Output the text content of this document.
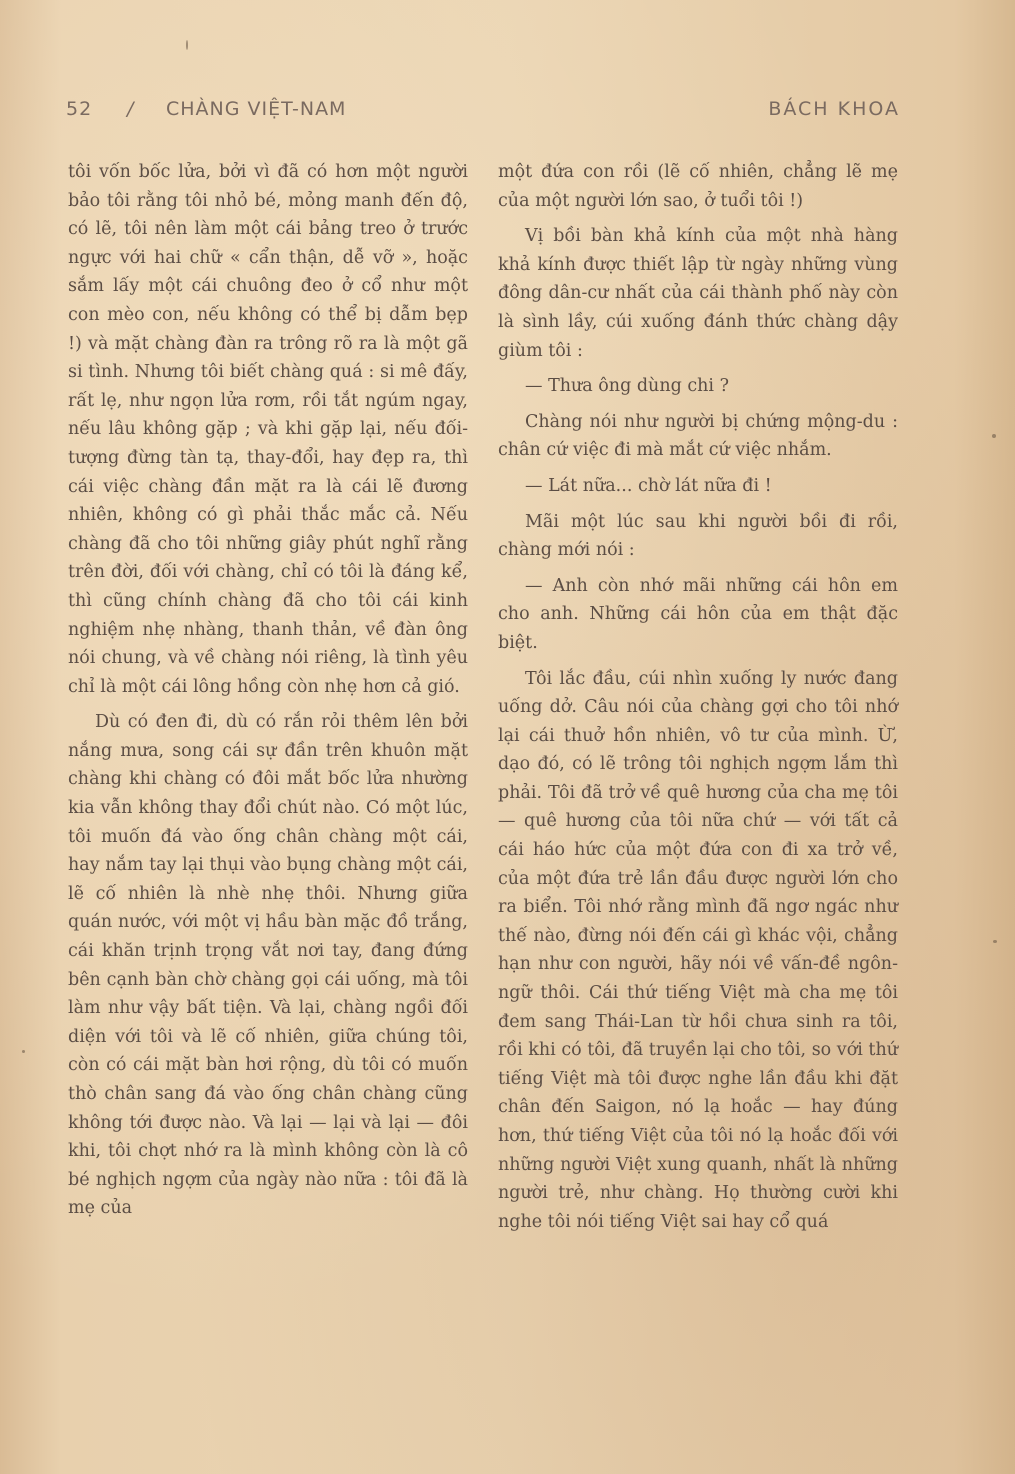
52 / CHÀNG VIỆT-NAM	BÁCH KHOA

tôi vốn bốc lửa, bởi vì đã có hơn một người bảo tôi rằng tôi nhỏ bé, mỏng manh đến độ, có lẽ, tôi nên làm một cái bảng treo ở trước ngực với hai chữ « cẩn thận, dễ vỡ », hoặc sắm lấy một cái chuông đeo ở cổ như một con mèo con, nếu không có thể bị dẫm bẹp !) và mặt chàng đàn ra trông rõ ra là một gã si tình. Nhưng tôi biết chàng quá : si mê đấy, rất lẹ, như ngọn lửa rơm, rồi tắt ngúm ngay, nếu lâu không gặp ; và khi gặp lại, nếu đối-tượng đừng tàn tạ, thay-đổi, hay đẹp ra, thì cái việc chàng đần mặt ra là cái lẽ đương nhiên, không có gì phải thắc mắc cả. Nếu chàng đã cho tôi những giây phút nghĩ rằng trên đời, đối với chàng, chỉ có tôi là đáng kể, thì cũng chính chàng đã cho tôi cái kinh nghiệm nhẹ nhàng, thanh thản, về đàn ông nói chung, và về chàng nói riêng, là tình yêu chỉ là một cái lông hồng còn nhẹ hơn cả gió.

Dù có đen đi, dù có rắn rỏi thêm lên bởi nắng mưa, song cái sự đần trên khuôn mặt chàng khi chàng có đôi mắt bốc lửa nhường kia vẫn không thay đổi chút nào. Có một lúc, tôi muốn đá vào ống chân chàng một cái, hay nắm tay lại thụi vào bụng chàng một cái, lẽ cố nhiên là nhè nhẹ thôi. Nhưng giữa quán nước, với một vị hầu bàn mặc đồ trắng, cái khăn trịnh trọng vắt nơi tay, đang đứng bên cạnh bàn chờ chàng gọi cái uống, mà tôi làm như vậy bất tiện. Và lại, chàng ngồi đối diện với tôi và lẽ cố nhiên, giữa chúng tôi, còn có cái mặt bàn hơi rộng, dù tôi có muốn thò chân sang đá vào ống chân chàng cũng không tới được nào. Và lại — lại và lại — đôi khi, tôi chợt nhớ ra là mình không còn là cô bé nghịch ngợm của ngày nào nữa : tôi đã là mẹ của

một đứa con rồi (lẽ cố nhiên, chẳng lẽ mẹ của một người lớn sao, ở tuổi tôi !)

Vị bồi bàn khả kính của một nhà hàng khả kính được thiết lập từ ngày những vùng đông dân-cư nhất của cái thành phố này còn là sình lầy, cúi xuống đánh thức chàng dậy giùm tôi :

— Thưa ông dùng chi ?

Chàng nói như người bị chứng mộng-du : chân cứ việc đi mà mắt cứ việc nhắm.

— Lát nữa... chờ lát nữa đi !

Mãi một lúc sau khi người bồi đi rồi, chàng mới nói :

— Anh còn nhớ mãi những cái hôn em cho anh. Những cái hôn của em thật đặc biệt.

Tôi lắc đầu, cúi nhìn xuống ly nước đang uống dở. Câu nói của chàng gợi cho tôi nhớ lại cái thuở hồn nhiên, vô tư của mình. Ừ, dạo đó, có lẽ trông tôi nghịch ngợm lắm thì phải. Tôi đã trở về quê hương của cha mẹ tôi — quê hương của tôi nữa chứ — với tất cả cái háo hức của một đứa con đi xa trở về, của một đứa trẻ lần đầu được người lớn cho ra biển. Tôi nhớ rằng mình đã ngơ ngác như thế nào, đừng nói đến cái gì khác vội, chẳng hạn như con người, hãy nói về vấn-đề ngôn-ngữ thôi. Cái thứ tiếng Việt mà cha mẹ tôi đem sang Thái-Lan từ hồi chưa sinh ra tôi, rồi khi có tôi, đã truyền lại cho tôi, so với thứ tiếng Việt mà tôi được nghe lần đầu khi đặt chân đến Saigon, nó lạ hoắc — hay đúng hơn, thứ tiếng Việt của tôi nó lạ hoắc đối với những người Việt xung quanh, nhất là những người trẻ, như chàng. Họ thường cười khi nghe tôi nói tiếng Việt sai hay cổ quá
